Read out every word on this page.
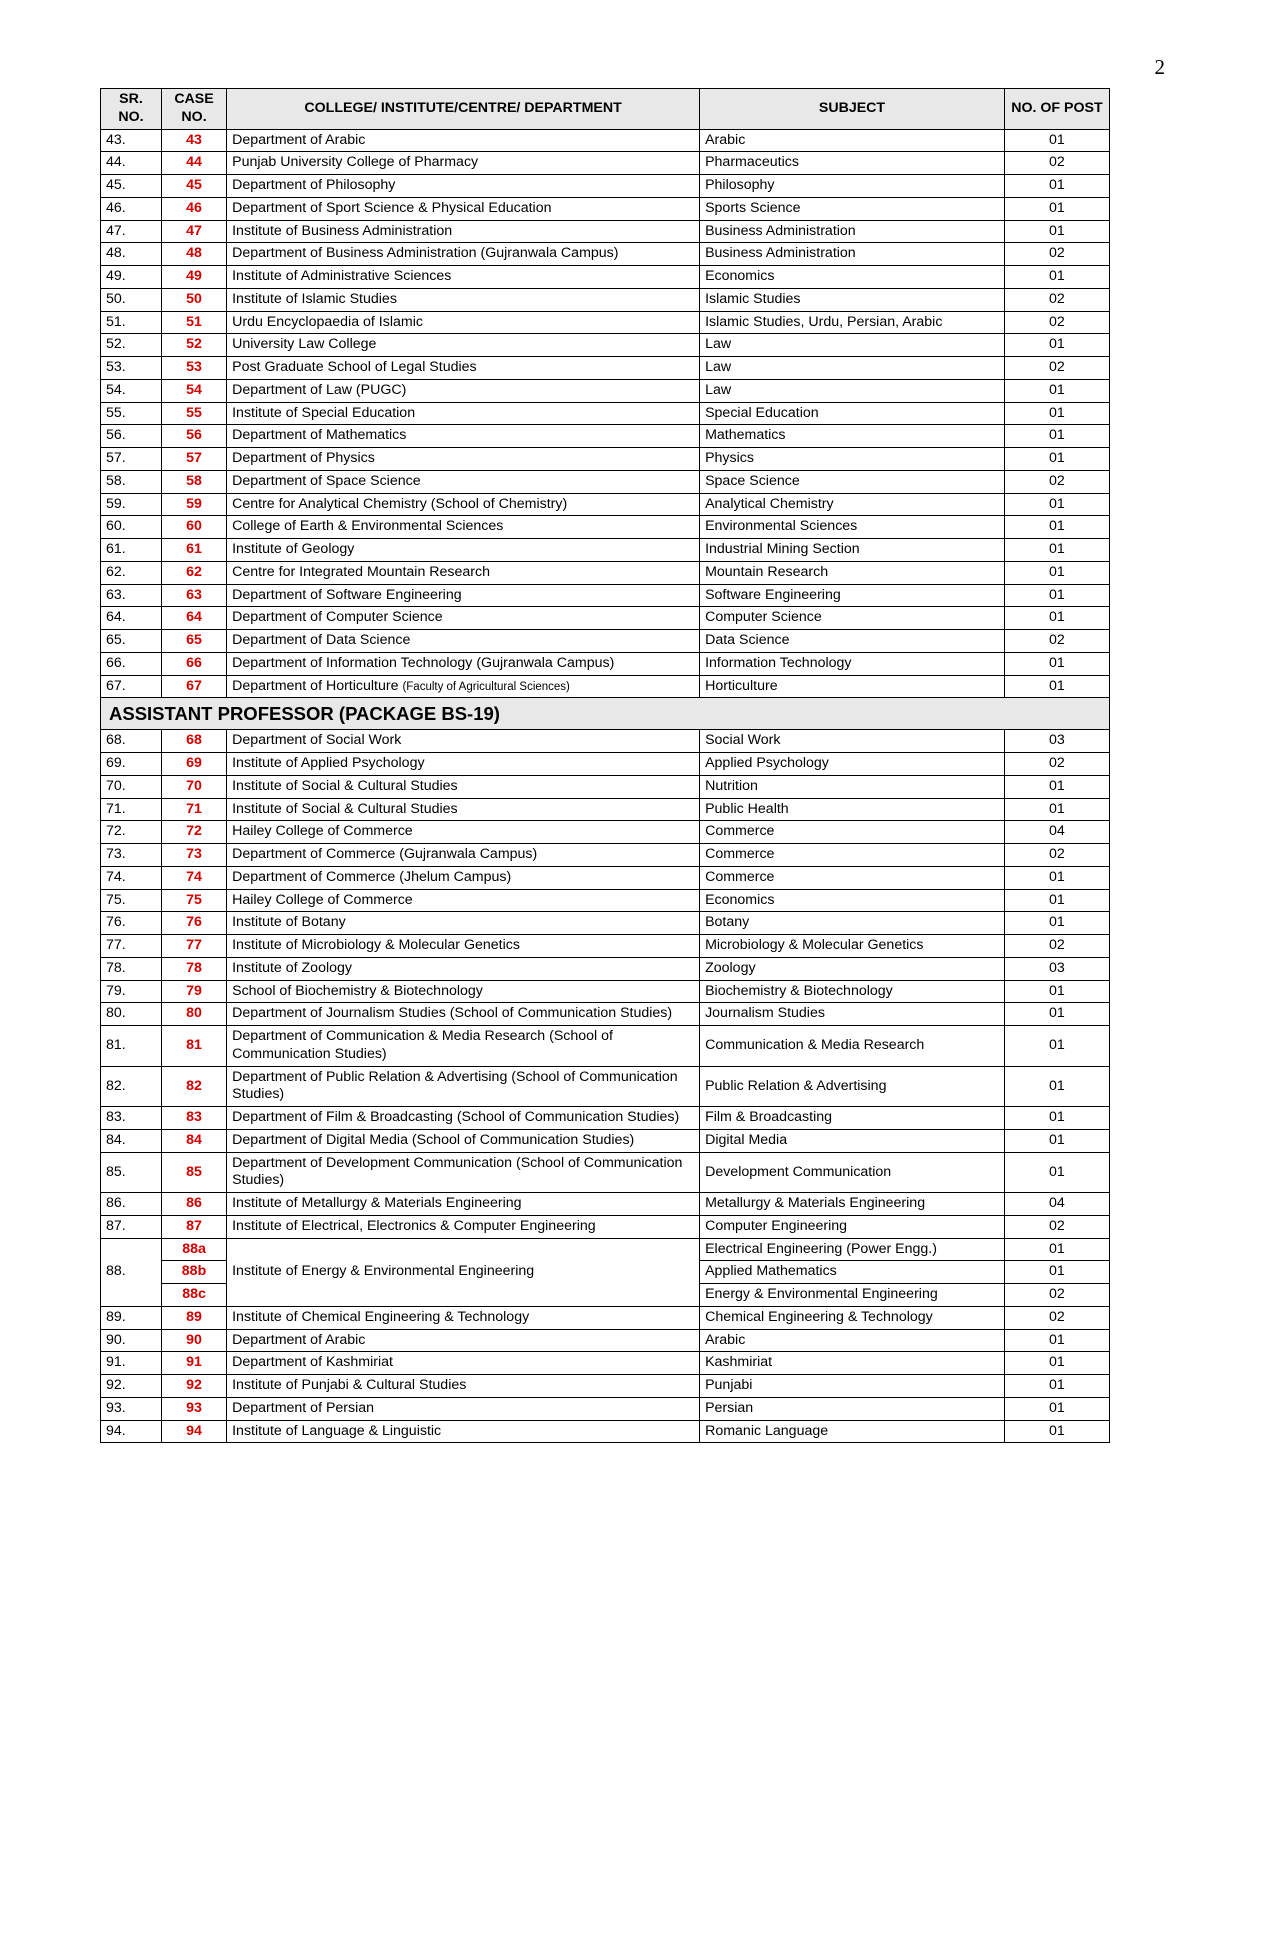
2
SR. NO.	CASE NO.	COLLEGE/ INSTITUTE/CENTRE/ DEPARTMENT	SUBJECT	NO. OF POST
43.	43	Department of Arabic	Arabic	01
44.	44	Punjab University College of Pharmacy	Pharmaceutics	02
45.	45	Department of Philosophy	Philosophy	01
46.	46	Department of Sport Science & Physical Education	Sports Science	01
47.	47	Institute of Business Administration	Business Administration	01
48.	48	Department of Business Administration (Gujranwala Campus)	Business Administration	02
49.	49	Institute of Administrative Sciences	Economics	01
50.	50	Institute of Islamic Studies	Islamic Studies	02
51.	51	Urdu Encyclopaedia of Islamic	Islamic Studies, Urdu, Persian, Arabic	02
52.	52	University Law College	Law	01
53.	53	Post Graduate School of Legal Studies	Law	02
54.	54	Department of Law (PUGC)	Law	01
55.	55	Institute of Special Education	Special Education	01
56.	56	Department of Mathematics	Mathematics	01
57.	57	Department of Physics	Physics	01
58.	58	Department of Space Science	Space Science	02
59.	59	Centre for Analytical Chemistry (School of Chemistry)	Analytical Chemistry	01
60.	60	College of Earth & Environmental Sciences	Environmental Sciences	01
61.	61	Institute of Geology	Industrial Mining Section	01
62.	62	Centre for Integrated Mountain Research	Mountain Research	01
63.	63	Department of Software Engineering	Software Engineering	01
64.	64	Department of Computer Science	Computer Science	01
65.	65	Department of Data Science	Data Science	02
66.	66	Department of Information Technology (Gujranwala Campus)	Information Technology	01
67.	67	Department of Horticulture (Faculty of Agricultural Sciences)	Horticulture	01
ASSISTANT PROFESSOR (PACKAGE BS-19)				
68.	68	Department of Social Work	Social Work	03
69.	69	Institute of Applied Psychology	Applied Psychology	02
70.	70	Institute of Social & Cultural Studies	Nutrition	01
71.	71	Institute of Social & Cultural Studies	Public Health	01
72.	72	Hailey College of Commerce	Commerce	04
73.	73	Department of Commerce (Gujranwala Campus)	Commerce	02
74.	74	Department of Commerce (Jhelum Campus)	Commerce	01
75.	75	Hailey College of Commerce	Economics	01
76.	76	Institute of Botany	Botany	01
77.	77	Institute of Microbiology & Molecular Genetics	Microbiology & Molecular Genetics	02
78.	78	Institute of Zoology	Zoology	03
79.	79	School of Biochemistry & Biotechnology	Biochemistry & Biotechnology	01
80.	80	Department of Journalism Studies (School of Communication Studies)	Journalism Studies	01
81.	81	Department of Communication & Media Research (School of Communication Studies)	Communication & Media Research	01
82.	82	Department of Public Relation & Advertising (School of Communication Studies)	Public Relation & Advertising	01
83.	83	Department of Film & Broadcasting (School of Communication Studies)	Film & Broadcasting	01
84.	84	Department of Digital Media (School of Communication Studies)	Digital Media	01
85.	85	Department of Development Communication (School of Communication Studies)	Development Communication	01
86.	86	Institute of Metallurgy & Materials Engineering	Metallurgy & Materials Engineering	04
87.	87	Institute of Electrical, Electronics & Computer Engineering	Computer Engineering	02
88.	88a	Institute of Energy & Environmental Engineering	Electrical Engineering (Power Engg.)	01
	88b		Applied Mathematics	01
	88c		Energy & Environmental Engineering	02
89.	89	Institute of Chemical Engineering & Technology	Chemical Engineering & Technology	02
90.	90	Department of Arabic	Arabic	01
91.	91	Department of Kashmiriat	Kashmiriat	01
92.	92	Institute of Punjabi & Cultural Studies	Punjabi	01
93.	93	Department of Persian	Persian	01
94.	94	Institute of Language & Linguistic	Romanic Language	01
